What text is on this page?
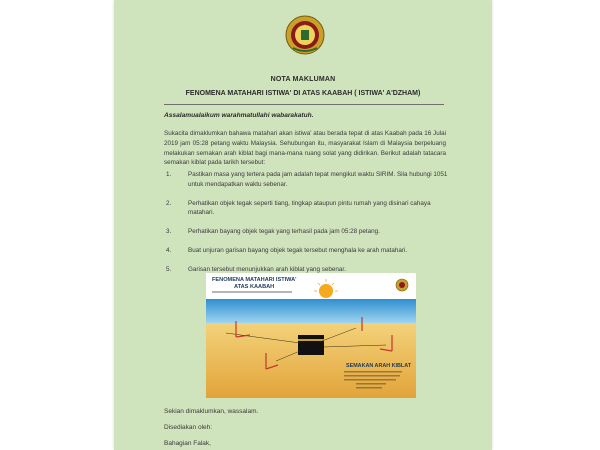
NOTA MAKLUMAN
FENOMENA MATAHARI ISTIWA' DI ATAS KAABAH ( ISTIWA' A'DZHAM)
Assalamualaikum warahmatullahi wabarakatuh.
Sukacita dimaklumkan bahawa matahari akan istiwa' atau berada tepat di atas Kaabah pada 16 Julai 2019 jam 05:28 petang waktu Malaysia. Sehubungan itu, masyarakat Islam di Malaysia berpeluang melakukan semakan arah kiblat bagi mana-mana ruang solat yang didirikan. Berikut adalah tatacara semakan kiblat pada tarikh tersebut:
1.	Pastikan masa yang tertera pada jam adalah tepat mengikut waktu SIRIM. Sila hubungi 1051 untuk mendapatkan waktu sebenar.
2.	Perhatikan objek tegak seperti tiang, tingkap ataupun pintu rumah yang disinari cahaya matahari.
3.	Perhatikan bayang objek tegak yang terhasil pada jam 05:28 petang.
4.	Buat unjuran garisan bayang objek tegak tersebut menghala ke arah matahari.
5.	Garisan tersebut menunjukkan arah kiblat yang sebenar.
FENOMENA MATAHARI ISTIWA'
ATAS KAABAH
SEMAKAN ARAH KIBLAT
Sekian dimaklumkan, wassalam.
Disediakan oleh:
Bahagian Falak,
